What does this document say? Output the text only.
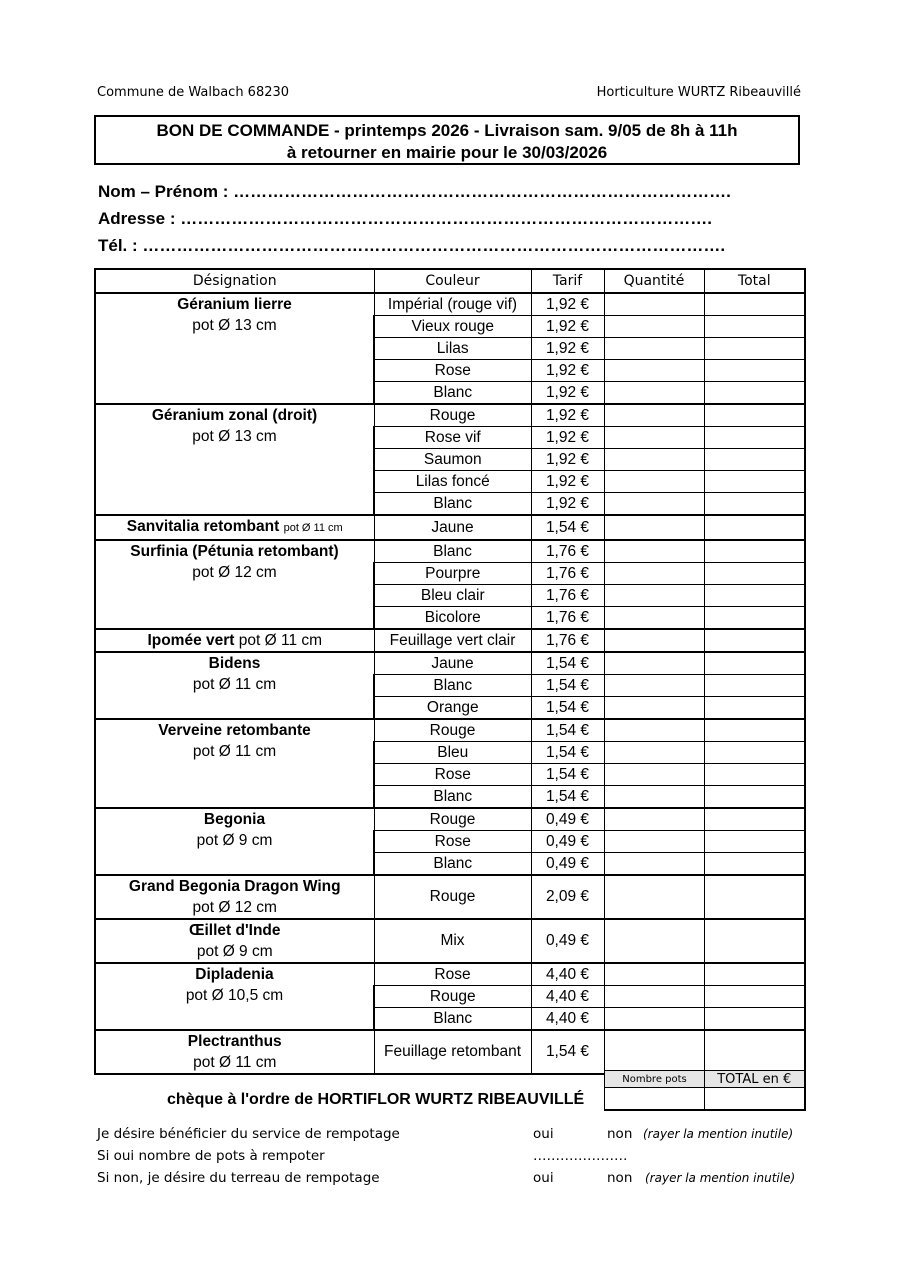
Commune de Walbach 68230	Horticulture WURTZ Ribeauvillé
BON DE COMMANDE - printemps 2026 - Livraison sam. 9/05 de 8h à 11h
à retourner en mairie pour le 30/03/2026
Nom – Prénom : …………………………………………………………………………….
Adresse : ………………………………………………………………………………….
Tél. : ………………………………………………………………………………………….
Désignation	Couleur	Tarif	Quantité	Total
Géranium lierre
pot Ø 13 cm	Impérial (rouge vif)	1,92 €		
	Vieux rouge	1,92 €		
	Lilas	1,92 €		
	Rose	1,92 €		
	Blanc	1,92 €		
Géranium zonal (droit)
pot Ø 13 cm	Rouge	1,92 €		
	Rose vif	1,92 €		
	Saumon	1,92 €		
	Lilas foncé	1,92 €		
	Blanc	1,92 €		
Sanvitalia retombant pot Ø 11 cm	Jaune	1,54 €		
Surfinia (Pétunia retombant)
pot Ø 12 cm	Blanc	1,76 €		
	Pourpre	1,76 €		
	Bleu clair	1,76 €		
	Bicolore	1,76 €		
Ipomée vert pot Ø 11 cm	Feuillage vert clair	1,76 €		
Bidens
pot Ø 11 cm	Jaune	1,54 €		
	Blanc	1,54 €		
	Orange	1,54 €		
Verveine retombante
pot Ø 11 cm	Rouge	1,54 €		
	Bleu	1,54 €		
	Rose	1,54 €		
	Blanc	1,54 €		
Begonia
pot Ø 9 cm	Rouge	0,49 €		
	Rose	0,49 €		
	Blanc	0,49 €		
Grand Begonia Dragon Wing
pot Ø 12 cm	Rouge	2,09 €		
Œillet d'Inde
pot Ø 9 cm	Mix	0,49 €		
Dipladenia
pot Ø 10,5 cm	Rose	4,40 €		
	Rouge	4,40 €		
	Blanc	4,40 €		
Plectranthus
pot Ø 11 cm	Feuillage retombant	1,54 €		
Nombre pots	TOTAL en €

chèque à l'ordre de HORTIFLOR WURTZ RIBEAUVILLÉ
Je désire bénéficier du service de rempotage	oui	non (rayer la mention inutile)
Si oui nombre de pots à rempoter	…………………
Si non, je désire du terreau de rempotage	oui	non (rayer la mention inutile)
